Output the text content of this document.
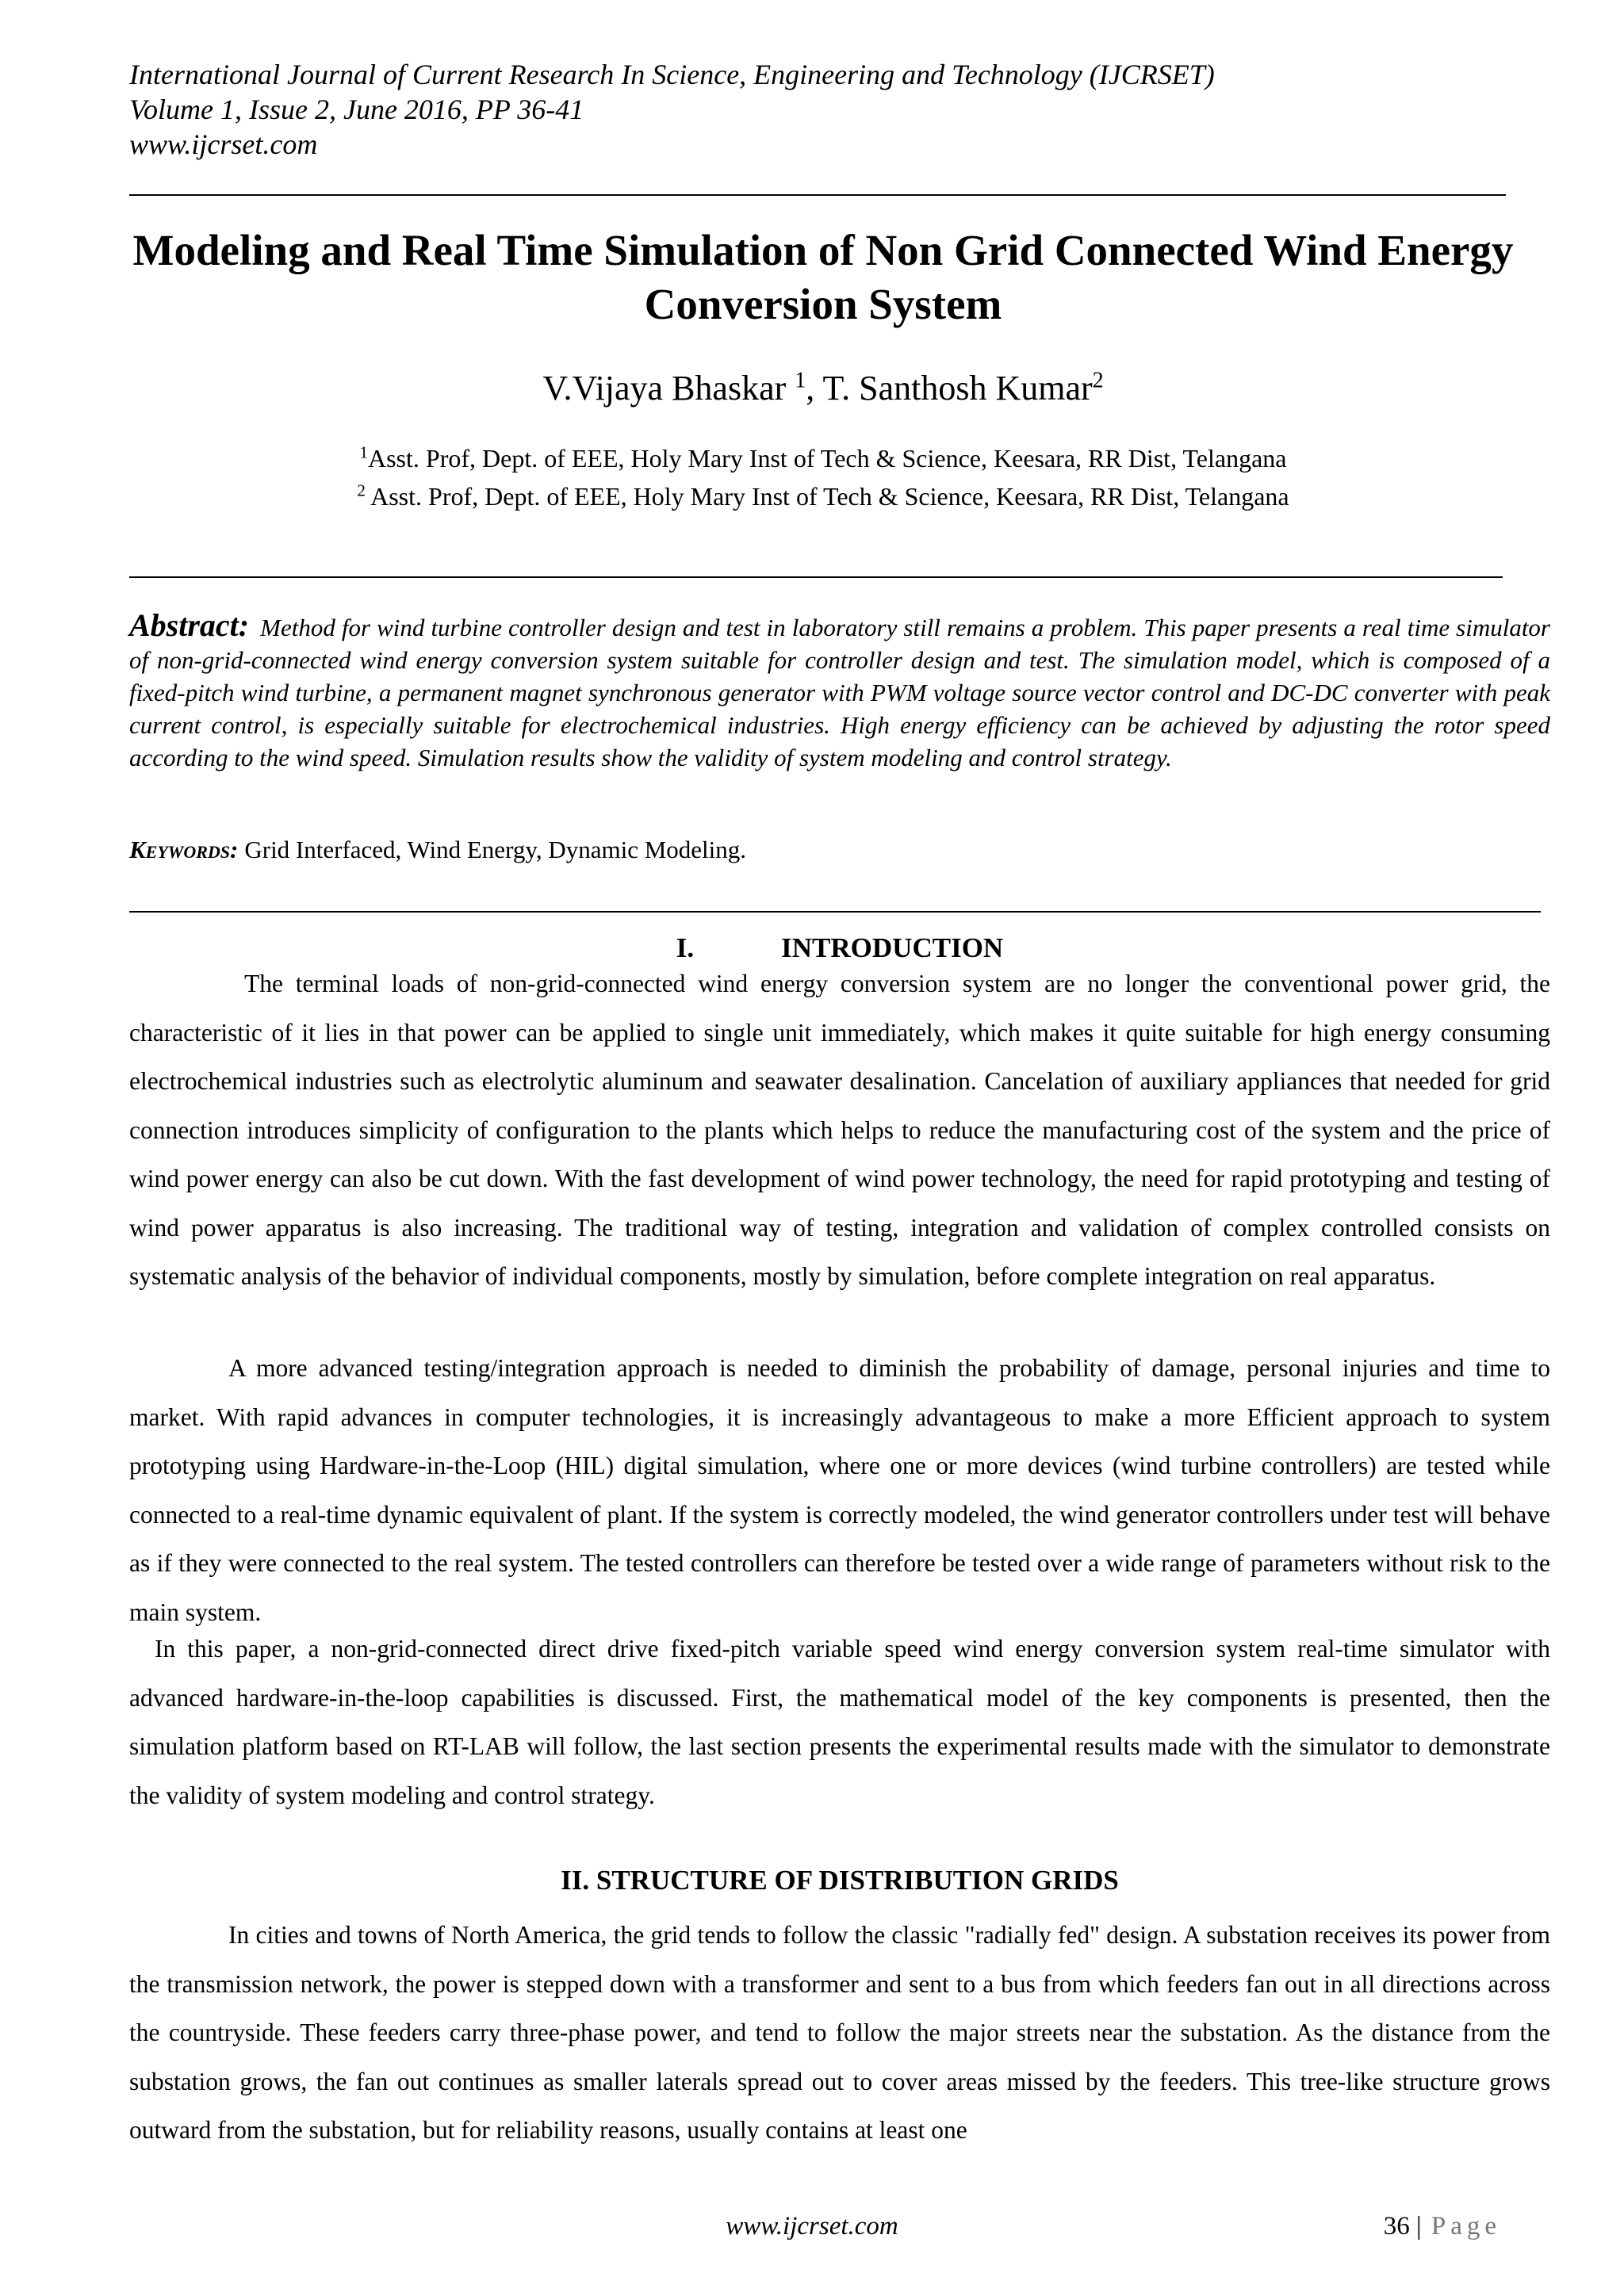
International Journal of Current Research In Science, Engineering and Technology (IJCRSET)
Volume 1, Issue 2, June 2016, PP 36-41
www.ijcrset.com
Modeling and Real Time Simulation of Non Grid Connected Wind Energy
Conversion System
V.Vijaya Bhaskar $^1$, T. Santhosh Kumar$^2$
$^1$Asst. Prof, Dept. of EEE, Holy Mary Inst of Tech & Science, Keesara, RR Dist, Telangana
$^2$ Asst. Prof, Dept. of EEE, Holy Mary Inst of Tech & Science, Keesara, RR Dist, Telangana
Abstract: Method for wind turbine controller design and test in laboratory still remains a problem. This paper presents a real time simulator of non-grid-connected wind energy conversion system suitable for controller design and test. The simulation model, which is composed of a fixed-pitch wind turbine, a permanent magnet synchronous generator with PWM voltage source vector control and DC-DC converter with peak current control, is especially suitable for electrochemical industries. High energy efficiency can be achieved by adjusting the rotor speed according to the wind speed. Simulation results show the validity of system modeling and control strategy.
Keywords: Grid Interfaced, Wind Energy, Dynamic Modeling.
I.	INTRODUCTION

The terminal loads of non-grid-connected wind energy conversion system are no longer the conventional power grid, the characteristic of it lies in that power can be applied to single unit immediately, which makes it quite suitable for high energy consuming electrochemical industries such as electrolytic aluminum and seawater desalination. Cancelation of auxiliary appliances that needed for grid connection introduces simplicity of configuration to the plants which helps to reduce the manufacturing cost of the system and the price of wind power energy can also be cut down. With the fast development of wind power technology, the need for rapid prototyping and testing of wind power apparatus is also increasing. The traditional way of testing, integration and validation of complex controlled consists on systematic analysis of the behavior of individual components, mostly by simulation, before complete integration on real apparatus.

A more advanced testing/integration approach is needed to diminish the probability of damage, personal injuries and time to market. With rapid advances in computer technologies, it is increasingly advantageous to make a more Efficient approach to system prototyping using Hardware-in-the-Loop (HIL) digital simulation, where one or more devices (wind turbine controllers) are tested while connected to a real-time dynamic equivalent of plant. If the system is correctly modeled, the wind generator controllers under test will behave as if they were connected to the real system. The tested controllers can therefore be tested over a wide range of parameters without risk to the main system.

In this paper, a non-grid-connected direct drive fixed-pitch variable speed wind energy conversion system real-time simulator with advanced hardware-in-the-loop capabilities is discussed. First, the mathematical model of the key components is presented, then the simulation platform based on RT-LAB will follow, the last section presents the experimental results made with the simulator to demonstrate the validity of system modeling and control strategy.

II. STRUCTURE OF DISTRIBUTION GRIDS

In cities and towns of North America, the grid tends to follow the classic "radially fed" design. A substation receives its power from the transmission network, the power is stepped down with a transformer and sent to a bus from which feeders fan out in all directions across the countryside. These feeders carry three-phase power, and tend to follow the major streets near the substation. As the distance from the substation grows, the fan out continues as smaller laterals spread out to cover areas missed by the feeders. This tree-like structure grows outward from the substation, but for reliability reasons, usually contains at least one

www.ijcrset.com	36 | Page
